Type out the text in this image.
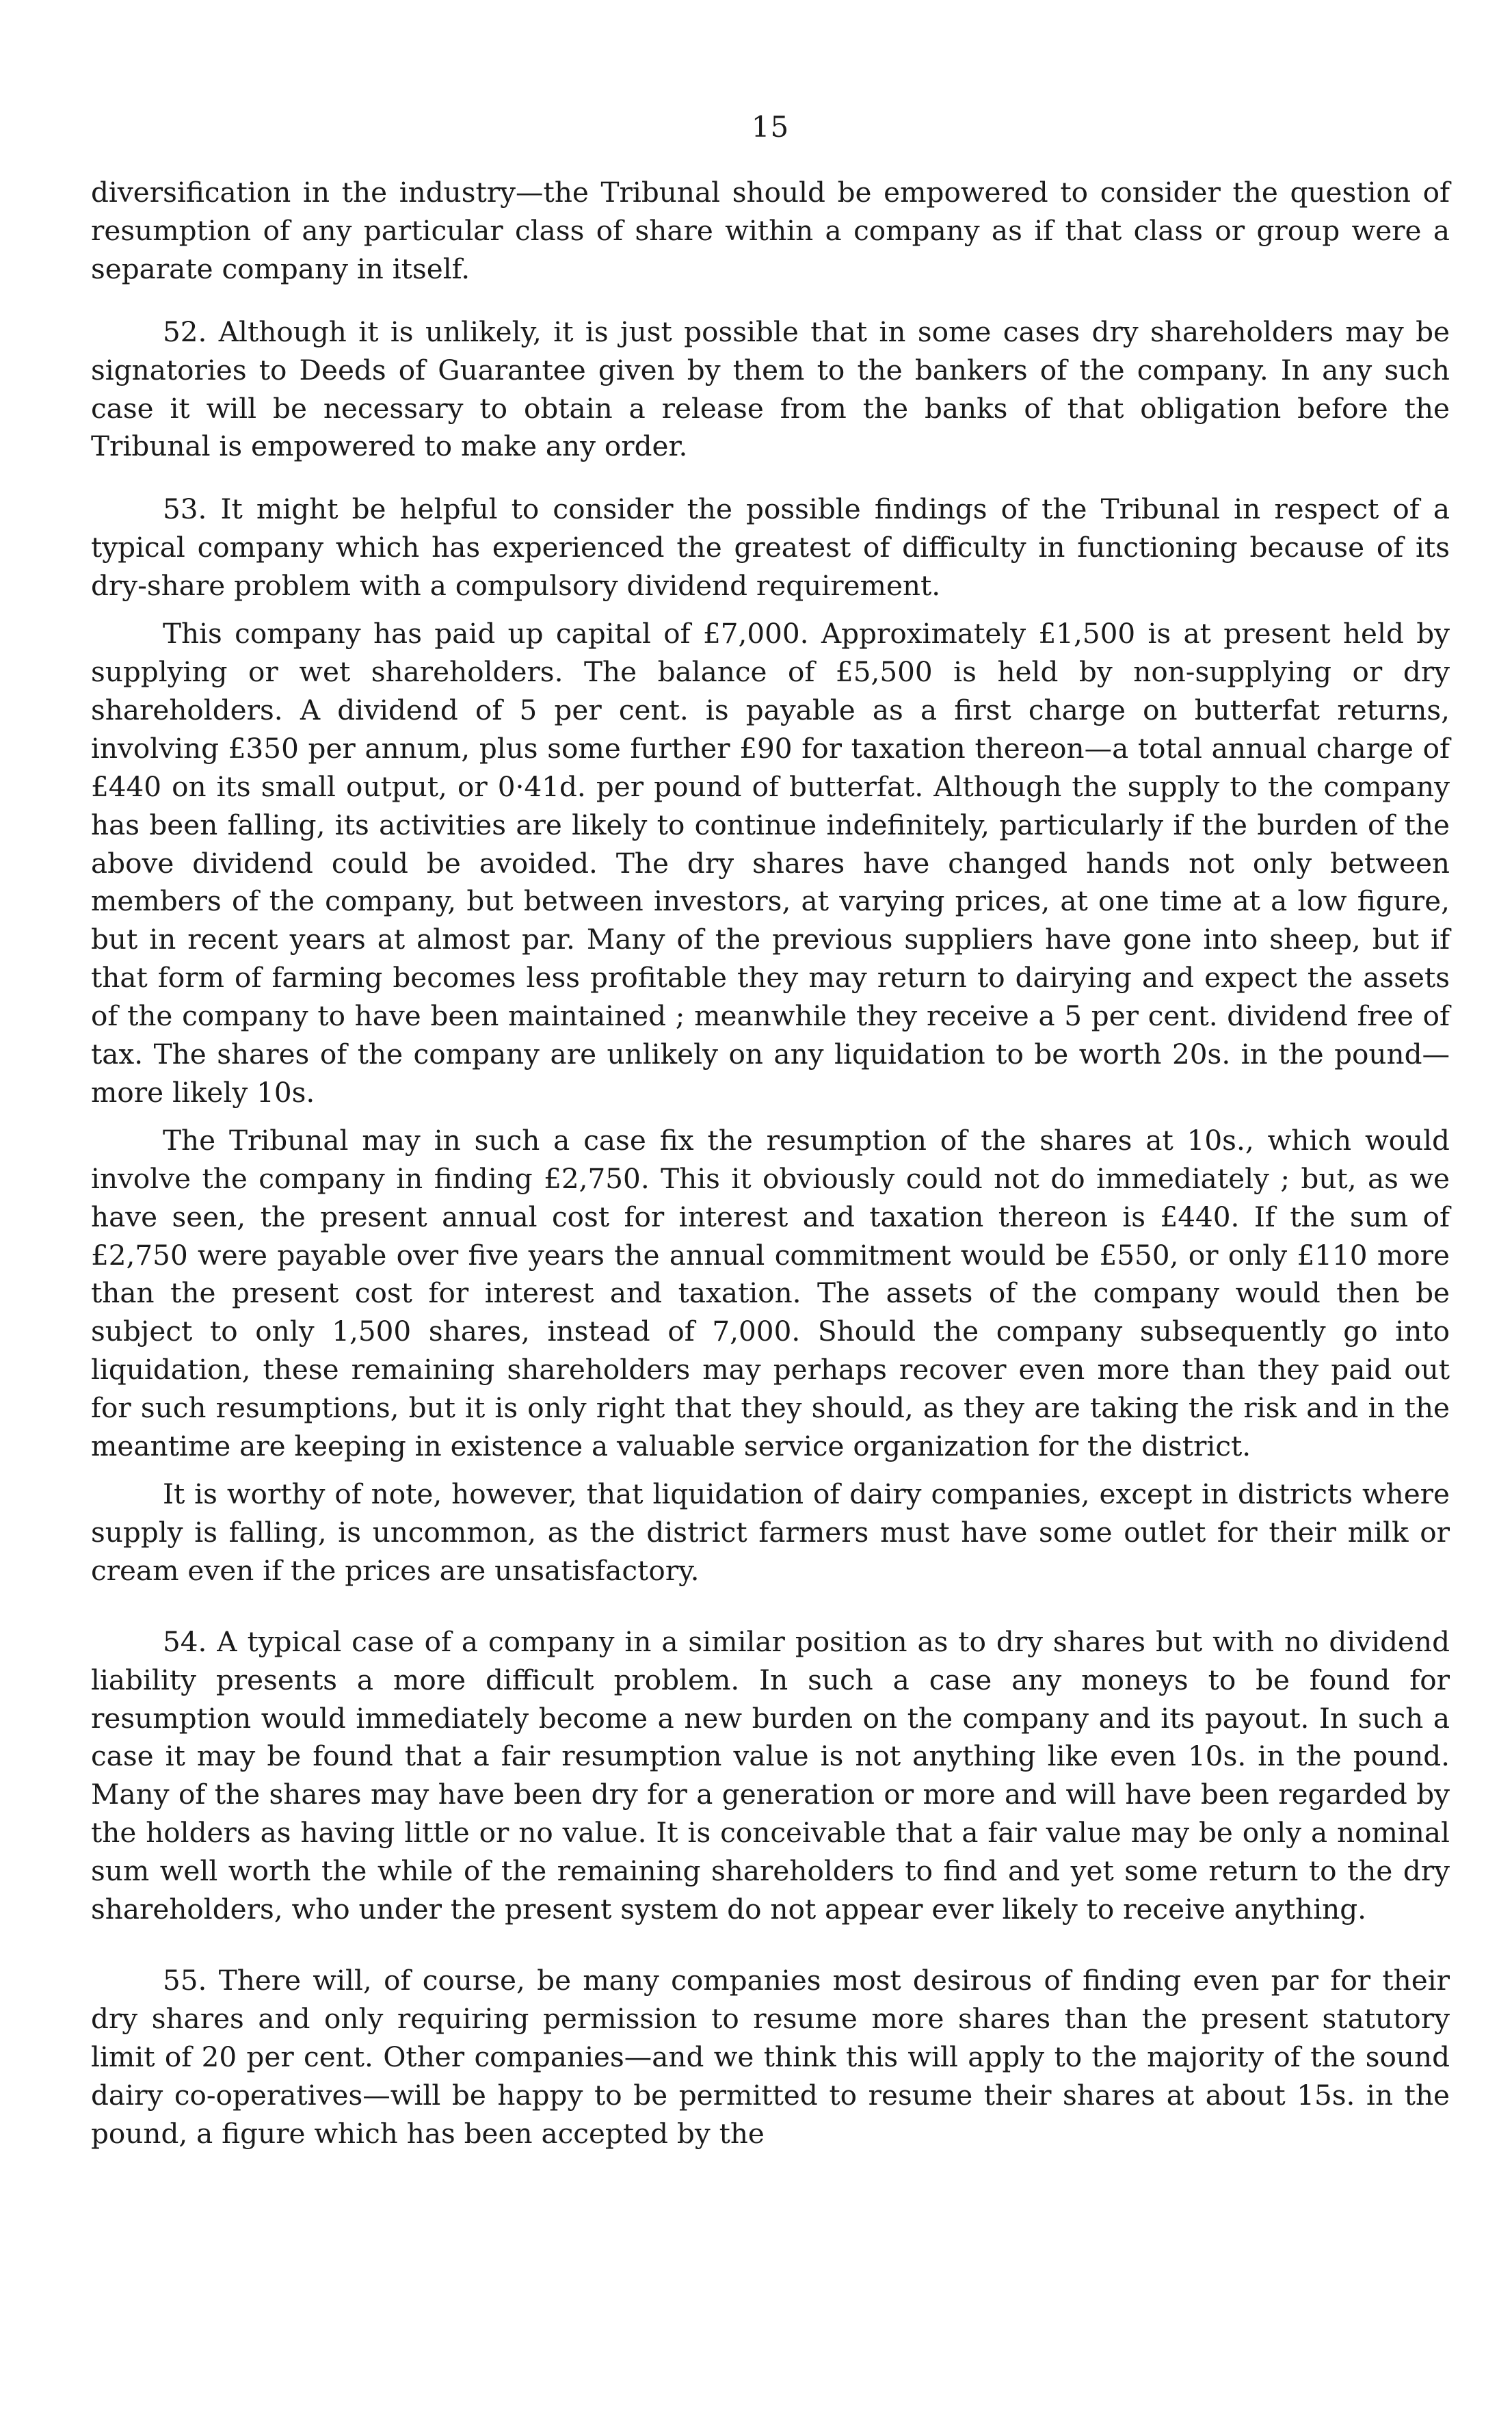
15

diversification in the industry—the Tribunal should be empowered to consider the question of resumption of any particular class of share within a company as if that class or group were a separate company in itself.

52. Although it is unlikely, it is just possible that in some cases dry shareholders may be signatories to Deeds of Guarantee given by them to the bankers of the company. In any such case it will be necessary to obtain a release from the banks of that obligation before the Tribunal is empowered to make any order.

53. It might be helpful to consider the possible findings of the Tribunal in respect of a typical company which has experienced the greatest of difficulty in functioning because of its dry-share problem with a compulsory dividend requirement.

This company has paid up capital of £7,000. Approximately £1,500 is at present held by supplying or wet shareholders. The balance of £5,500 is held by non-supplying or dry shareholders. A dividend of 5 per cent. is payable as a first charge on butterfat returns, involving £350 per annum, plus some further £90 for taxation thereon—a total annual charge of £440 on its small output, or 0·41d. per pound of butterfat. Although the supply to the company has been falling, its activities are likely to continue indefinitely, particularly if the burden of the above dividend could be avoided. The dry shares have changed hands not only between members of the company, but between investors, at varying prices, at one time at a low figure, but in recent years at almost par. Many of the previous suppliers have gone into sheep, but if that form of farming becomes less profitable they may return to dairying and expect the assets of the company to have been maintained ; meanwhile they receive a 5 per cent. dividend free of tax. The shares of the company are unlikely on any liquidation to be worth 20s. in the pound—more likely 10s.

The Tribunal may in such a case fix the resumption of the shares at 10s., which would involve the company in finding £2,750. This it obviously could not do immediately ; but, as we have seen, the present annual cost for interest and taxation thereon is £440. If the sum of £2,750 were payable over five years the annual commitment would be £550, or only £110 more than the present cost for interest and taxation. The assets of the company would then be subject to only 1,500 shares, instead of 7,000. Should the company subsequently go into liquidation, these remaining shareholders may perhaps recover even more than they paid out for such resumptions, but it is only right that they should, as they are taking the risk and in the meantime are keeping in existence a valuable service organization for the district.

It is worthy of note, however, that liquidation of dairy companies, except in districts where supply is falling, is uncommon, as the district farmers must have some outlet for their milk or cream even if the prices are unsatisfactory.

54. A typical case of a company in a similar position as to dry shares but with no dividend liability presents a more difficult problem. In such a case any moneys to be found for resumption would immediately become a new burden on the company and its payout. In such a case it may be found that a fair resumption value is not anything like even 10s. in the pound. Many of the shares may have been dry for a generation or more and will have been regarded by the holders as having little or no value. It is conceivable that a fair value may be only a nominal sum well worth the while of the remaining shareholders to find and yet some return to the dry shareholders, who under the present system do not appear ever likely to receive anything.

55. There will, of course, be many companies most desirous of finding even par for their dry shares and only requiring permission to resume more shares than the present statutory limit of 20 per cent. Other companies—and we think this will apply to the majority of the sound dairy co-operatives—will be happy to be permitted to resume their shares at about 15s. in the pound, a figure which has been accepted by the
